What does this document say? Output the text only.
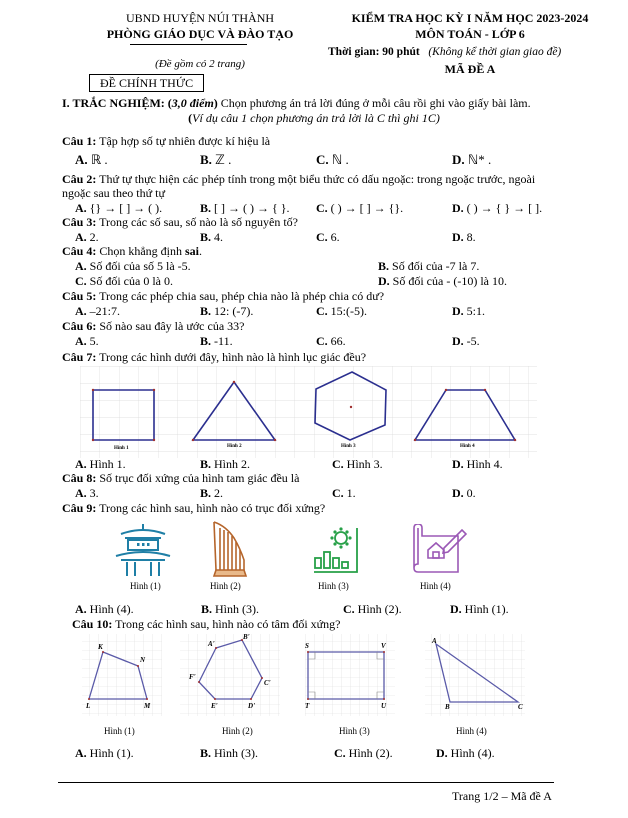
UBND HUYỆN NÚI THÀNH
PHÒNG GIÁO DỤC VÀ ĐÀO TẠO
(Đề gồm có 2 trang)
ĐỀ CHÍNH THỨC
KIỂM TRA HỌC KỲ I NĂM HỌC 2023-2024
MÔN TOÁN - LỚP 6
Thời gian: 90 phút (Không kể thời gian giao đề)
MÃ ĐỀ A
I. TRẮC NGHIỆM: (3,0 điểm) Chọn phương án trả lời đúng ở mỗi câu rồi ghi vào giấy bài làm.
(Ví dụ câu 1 chọn phương án trả lời là C thì ghi 1C)
Câu 1: Tập hợp số tự nhiên được kí hiệu là
A. ℝ .	B. ℤ .	C. ℕ .	D. ℕ* .
Câu 2: Thứ tự thực hiện các phép tính trong một biểu thức có dấu ngoặc: trong ngoặc trước, ngoài
ngoặc sau theo thứ tự
A. {} → [ ] → ( ).	B. [ ] → ( ) → { }. C. ( ) → [ ] → {}.	D. ( ) → { } → [ ].
Câu 3: Trong các số sau, số nào là số nguyên tố?
A. 2.	B. 4.	C. 6.	D. 8.
Câu 4: Chọn khẳng định sai.
A. Số đối của số 5 là -5.	B. Số đối của -7 là 7.
C. Số đối của 0 là 0.	D. Số đối của - (-10) là 10.
Câu 5: Trong các phép chia sau, phép chia nào là phép chia có dư?
A. –21:7.	B. 12: (-7).	C. 15:(-5).	D. 5:1.
Câu 6: Số nào sau đây là ước của 33?
A. 5.	B. -11.	C. 66.	D. -5.
Câu 7: Trong các hình dưới đây, hình nào là hình lục giác đều?
Hình 1	Hình 2	Hình 3	Hình 4
A. Hình 1.	B. Hình 2.	C. Hình 3.	D. Hình 4.
Câu 8: Số trục đối xứng của hình tam giác đều là
A. 3.	B. 2.	C. 1.	D. 0.
Câu 9: Trong các hình sau, hình nào có trục đối xứng?
Hình (1)	Hình (2)	Hình (3)	Hình (4)
A. Hình (4).	B. Hình (3).	C. Hình (2).	D. Hình (1).
Câu 10: Trong các hình sau, hình nào có tâm đối xứng?
K
N
L	M
A'
B'
C'
D'
E'
F'
S	V
T	U
A
B	C
Hình (1)	Hình (2)	Hình (3)	Hình (4)
A. Hình (1).	B. Hình (3).	C. Hình (2).	D. Hình (4).
Trang 1/2 – Mã đề A
